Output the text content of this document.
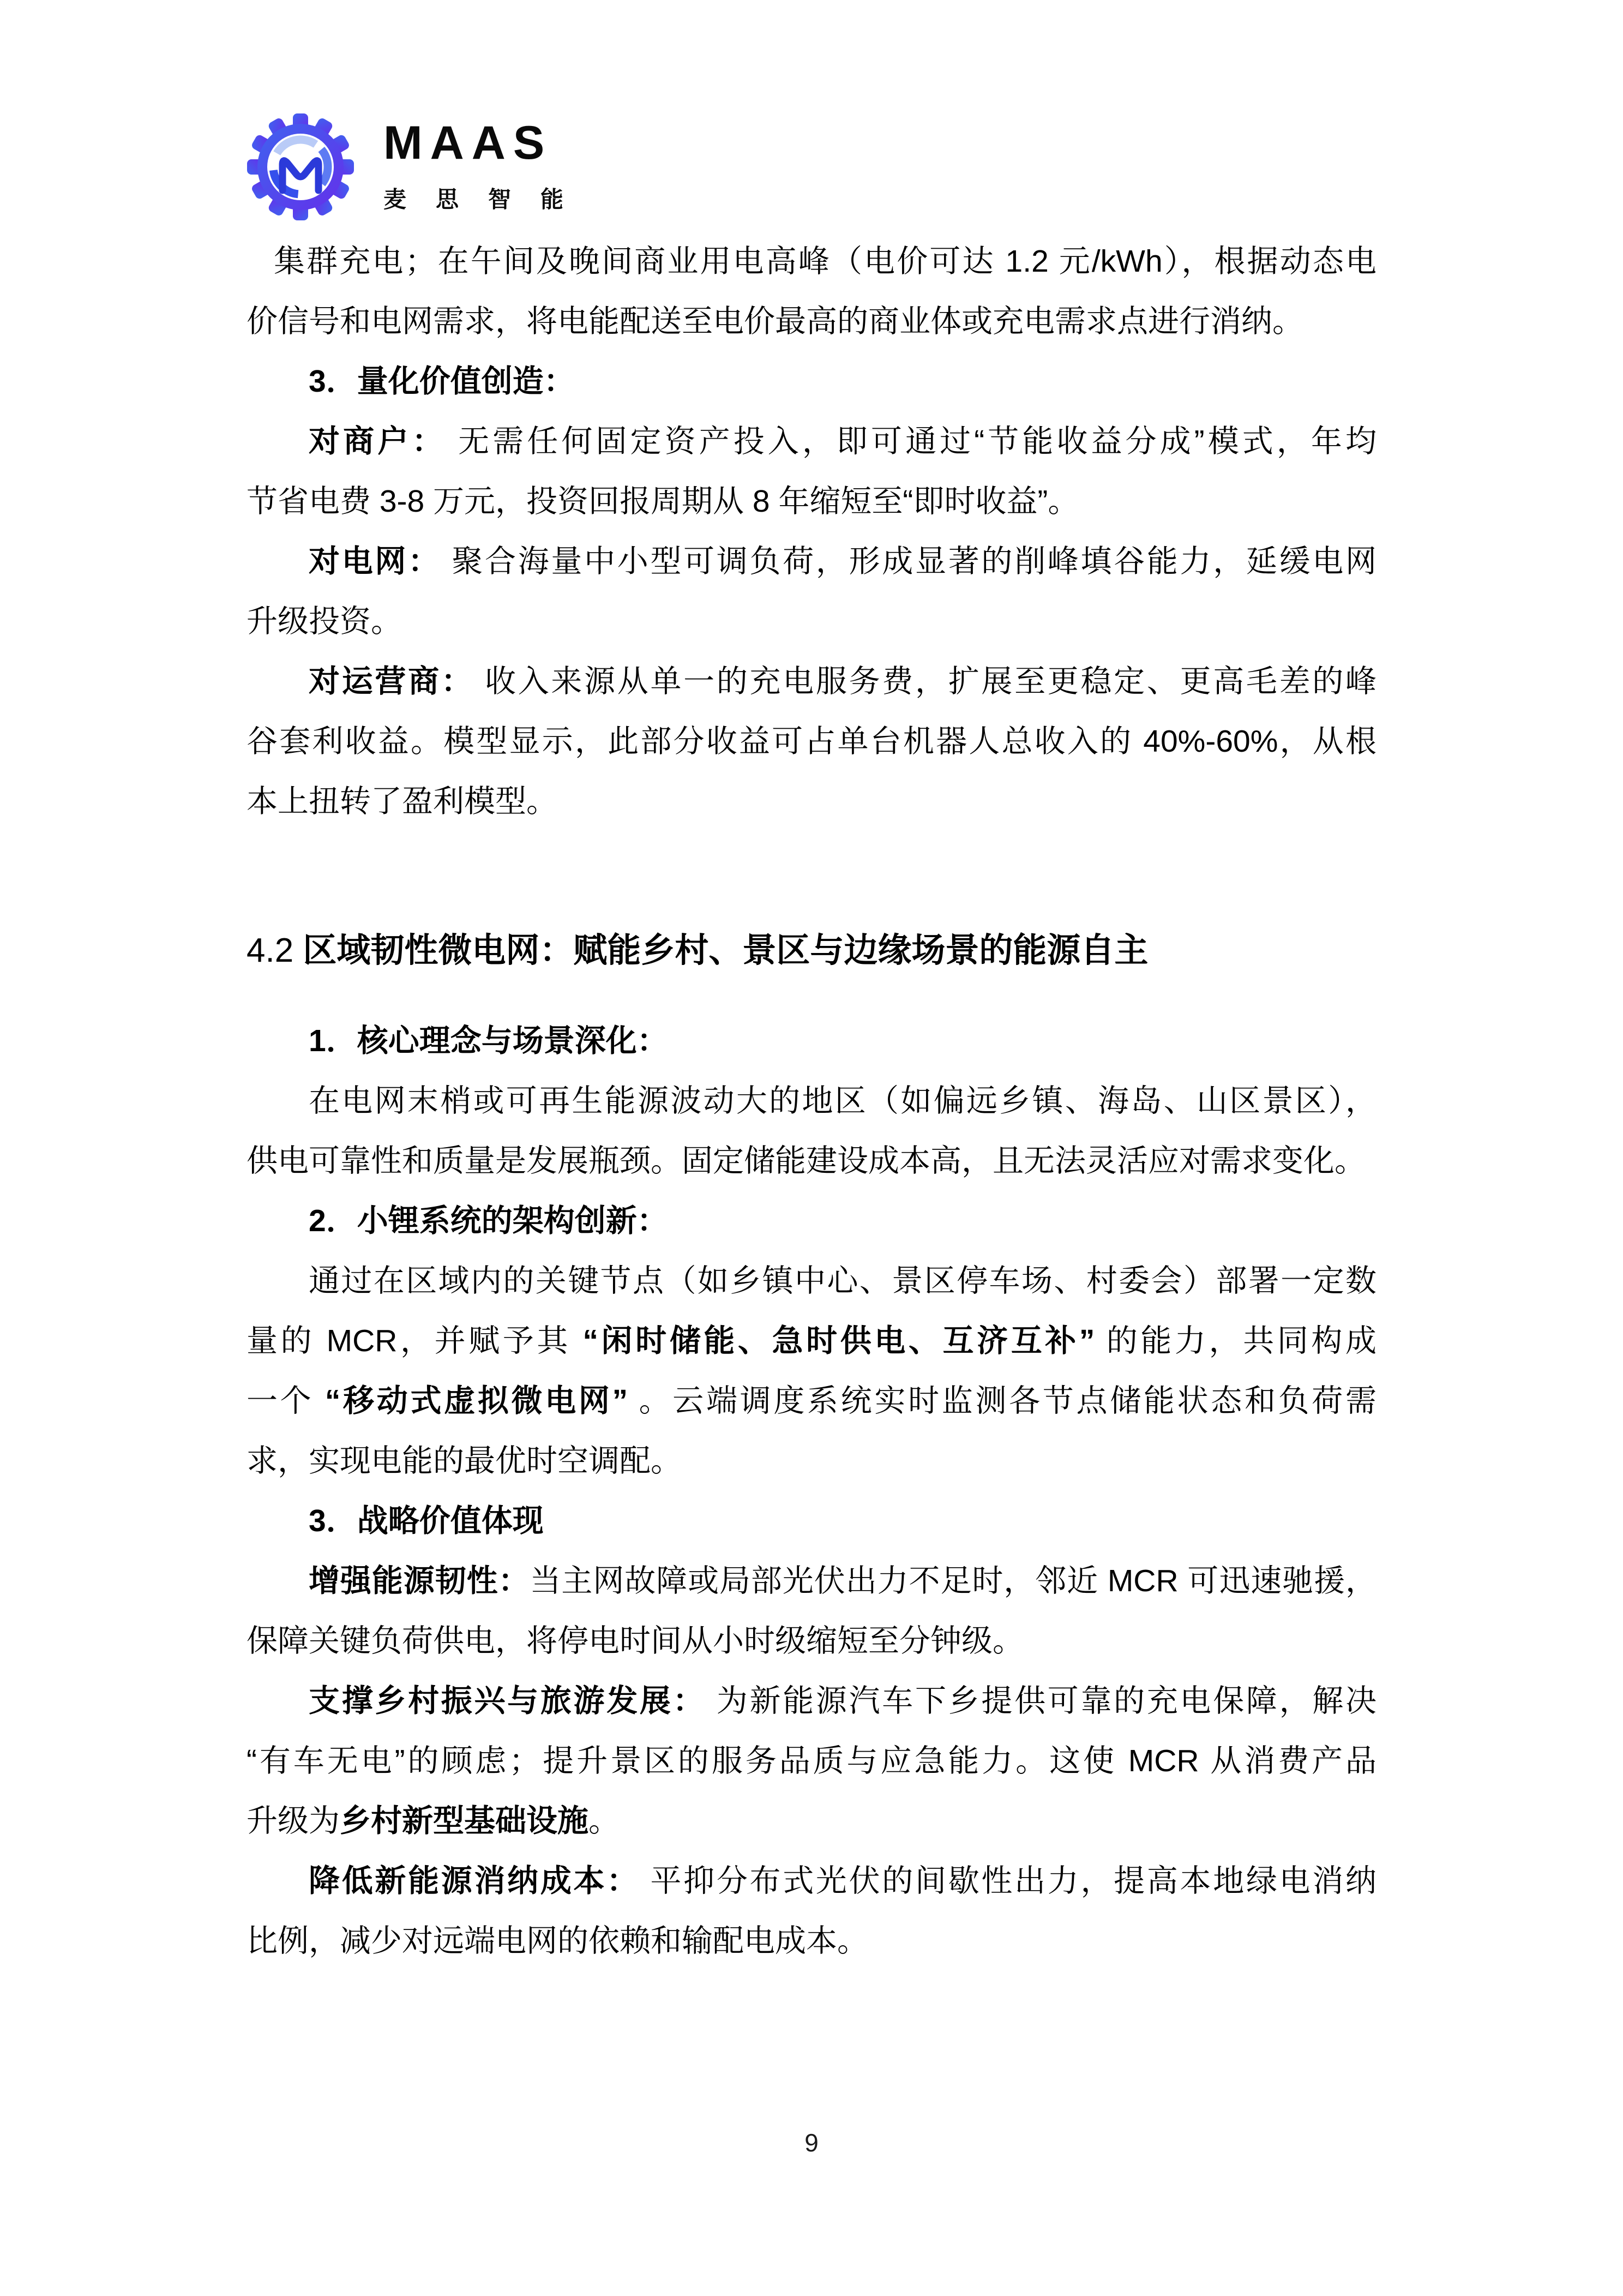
MAAS
麦思智能
集群充电；在午间及晚间商业用电高峰（电价可达 1.2 元/kWh），根据动态电
价信号和电网需求，将电能配送至电价最高的商业体或充电需求点进行消纳。
3．量化价值创造：
对商户： 无需任何固定资产投入，即可通过“节能收益分成”模式，年均
节省电费 3-8 万元，投资回报周期从 8 年缩短至“即时收益”。
对电网： 聚合海量中小型可调负荷，形成显著的削峰填谷能力，延缓电网
升级投资。
对运营商： 收入来源从单一的充电服务费，扩展至更稳定、更高毛差的峰
谷套利收益。模型显示，此部分收益可占单台机器人总收入的 40%-60%，从根
本上扭转了盈利模型。
4.2 区域韧性微电网：赋能乡村、景区与边缘场景的能源自主
1．核心理念与场景深化：
在电网末梢或可再生能源波动大的地区（如偏远乡镇、海岛、山区景区），
供电可靠性和质量是发展瓶颈。固定储能建设成本高，且无法灵活应对需求变化。
2．小锂系统的架构创新：
通过在区域内的关键节点（如乡镇中心、景区停车场、村委会）部署一定数
量的 MCR，并赋予其 “闲时储能、急时供电、互济互补” 的能力，共同构成
一个 “移动式虚拟微电网” 。云端调度系统实时监测各节点储能状态和负荷需
求，实现电能的最优时空调配。
3．战略价值体现
增强能源韧性：当主网故障或局部光伏出力不足时，邻近 MCR 可迅速驰援，
保障关键负荷供电，将停电时间从小时级缩短至分钟级。
支撑乡村振兴与旅游发展： 为新能源汽车下乡提供可靠的充电保障，解决
“有车无电”的顾虑；提升景区的服务品质与应急能力。这使 MCR 从消费产品
升级为乡村新型基础设施。
降低新能源消纳成本： 平抑分布式光伏的间歇性出力，提高本地绿电消纳
比例，减少对远端电网的依赖和输配电成本。
9
